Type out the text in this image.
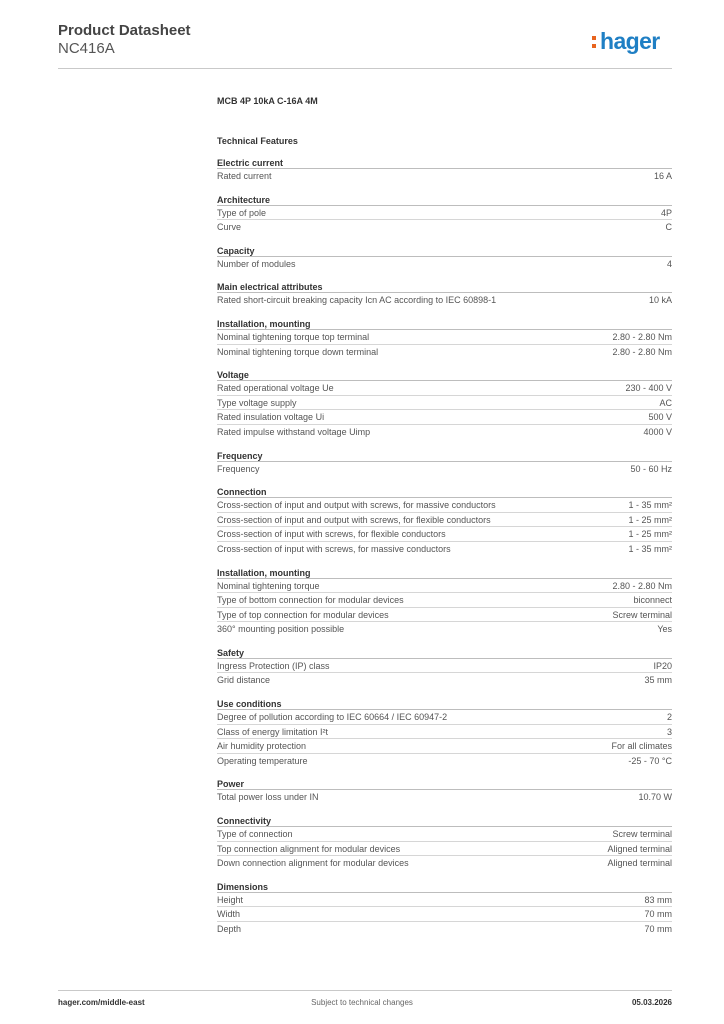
Product Datasheet
NC416A	hager
MCB 4P 10kA C-16A 4M
Technical Features
Electric current
Rated current	16 A
Architecture
Type of pole	4P
Curve	C
Capacity
Number of modules	4
Main electrical attributes
Rated short-circuit breaking capacity Icn AC according to IEC 60898-1	10 kA
Installation, mounting
Nominal tightening torque top terminal	2.80 - 2.80 Nm
Nominal tightening torque down terminal	2.80 - 2.80 Nm
Voltage
Rated operational voltage Ue	230 - 400 V
Type voltage supply	AC
Rated insulation voltage Ui	500 V
Rated impulse withstand voltage Uimp	4000 V
Frequency
Frequency	50 - 60 Hz
Connection
Cross-section of input and output with screws, for massive conductors	1 - 35 mm²
Cross-section of input and output with screws, for flexible conductors	1 - 25 mm²
Cross-section of input with screws, for flexible conductors	1 - 25 mm²
Cross-section of input with screws, for massive conductors	1 - 35 mm²
Installation, mounting
Nominal tightening torque	2.80 - 2.80 Nm
Type of bottom connection for modular devices	biconnect
Type of top connection for modular devices	Screw terminal
360° mounting position possible	Yes
Safety
Ingress Protection (IP) class	IP20
Grid distance	35 mm
Use conditions
Degree of pollution according to IEC 60664 / IEC 60947-2	2
Class of energy limitation I²t	3
Air humidity protection	For all climates
Operating temperature	-25 - 70 °C
Power
Total power loss under IN	10.70 W
Connectivity
Type of connection	Screw terminal
Top connection alignment for modular devices	Aligned terminal
Down connection alignment for modular devices	Aligned terminal
Dimensions
Height	83 mm
Width	70 mm
Depth	70 mm
hager.com/middle-east	Subject to technical changes	05.03.2026
